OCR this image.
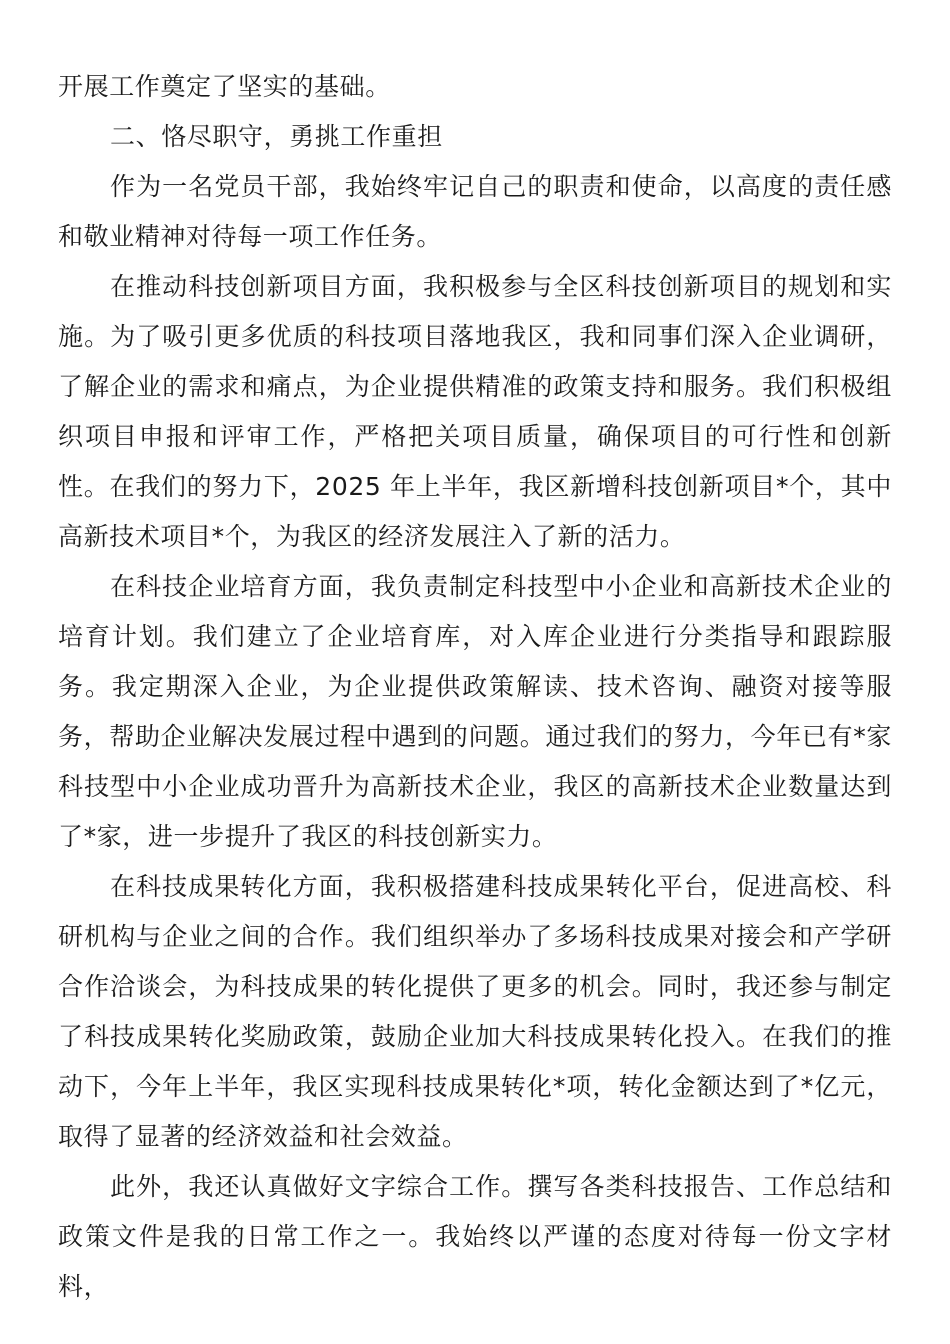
开展工作奠定了坚实的基础。

二、恪尽职守，勇挑工作重担

作为一名党员干部，我始终牢记自己的职责和使命，以高度的责任感和敬业精神对待每一项工作任务。

在推动科技创新项目方面，我积极参与全区科技创新项目的规划和实施。为了吸引更多优质的科技项目落地我区，我和同事们深入企业调研，了解企业的需求和痛点，为企业提供精准的政策支持和服务。我们积极组织项目申报和评审工作，严格把关项目质量，确保项目的可行性和创新性。在我们的努力下，2025 年上半年，我区新增科技创新项目*个，其中高新技术项目*个，为我区的经济发展注入了新的活力。

在科技企业培育方面，我负责制定科技型中小企业和高新技术企业的培育计划。我们建立了企业培育库，对入库企业进行分类指导和跟踪服务。我定期深入企业，为企业提供政策解读、技术咨询、融资对接等服务，帮助企业解决发展过程中遇到的问题。通过我们的努力，今年已有*家科技型中小企业成功晋升为高新技术企业，我区的高新技术企业数量达到了*家，进一步提升了我区的科技创新实力。

在科技成果转化方面，我积极搭建科技成果转化平台，促进高校、科研机构与企业之间的合作。我们组织举办了多场科技成果对接会和产学研合作洽谈会，为科技成果的转化提供了更多的机会。同时，我还参与制定了科技成果转化奖励政策，鼓励企业加大科技成果转化投入。在我们的推动下，今年上半年，我区实现科技成果转化*项，转化金额达到了*亿元，取得了显著的经济效益和社会效益。

此外，我还认真做好文字综合工作。撰写各类科技报告、工作总结和政策文件是我的日常工作之一。我始终以严谨的态度对待每一份文字材料，
